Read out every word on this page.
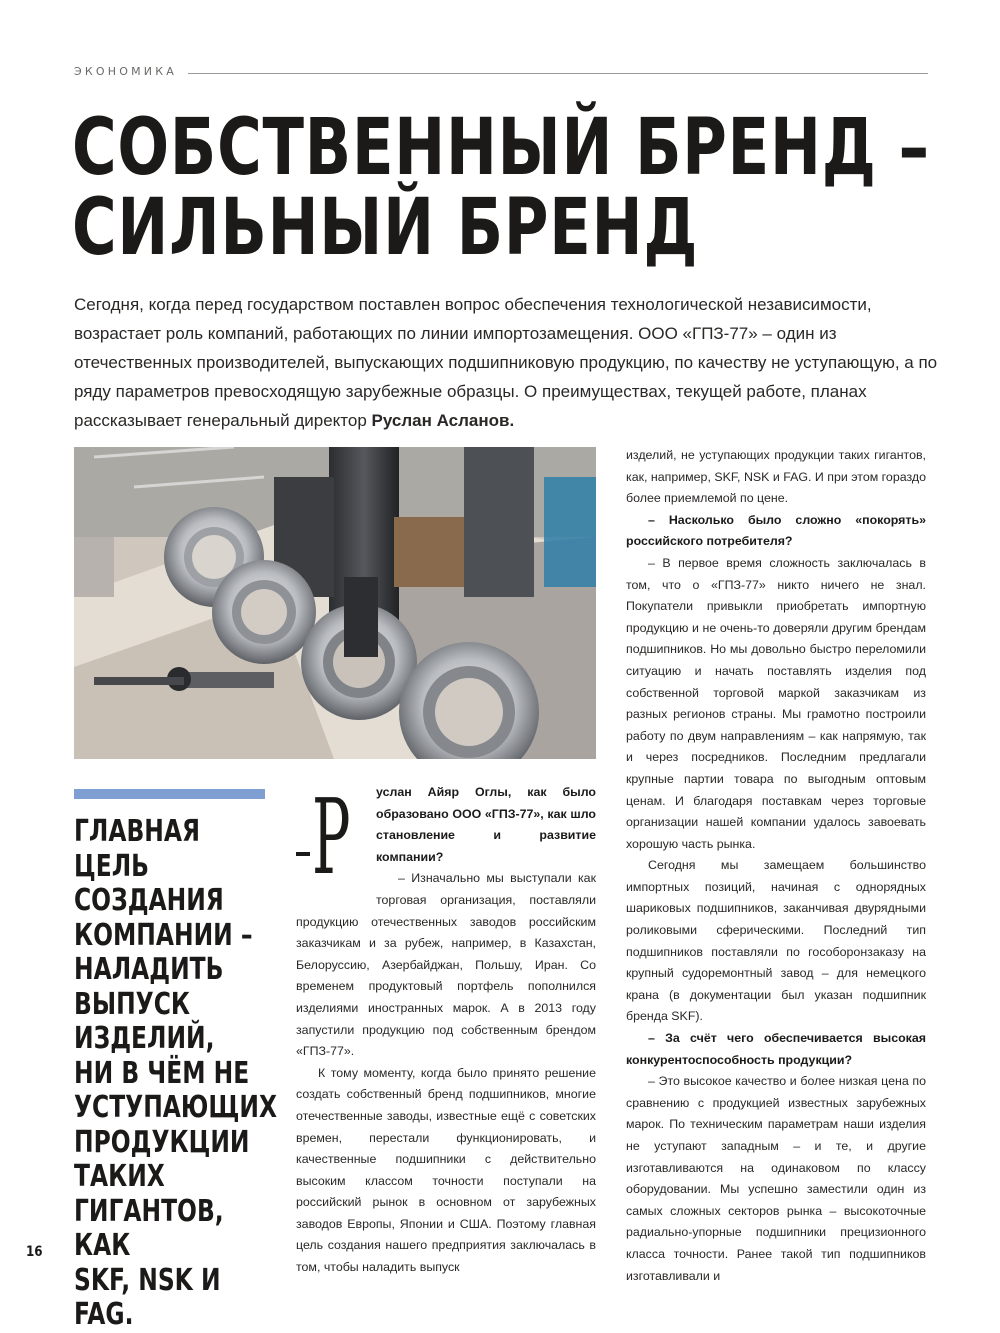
ЭКОНОМИКА
СОБСТВЕННЫЙ БРЕНД –
СИЛЬНЫЙ БРЕНД
Сегодня, когда перед государством поставлен вопрос обеспечения технологической независимости, возрастает роль компаний, работающих по линии импортозамещения. ООО «ГПЗ-77» – один из отечественных производителей, выпускающих подшипниковую продукцию, по качеству не уступающую, а по ряду параметров превосходящую зарубежные образцы. О преимуществах, текущей работе, планах рассказывает генеральный директор Руслан Асланов.
ГЛАВНАЯ ЦЕЛЬ
СОЗДАНИЯ
КОМПАНИИ –
НАЛАДИТЬ
ВЫПУСК
ИЗДЕЛИЙ,
НИ В ЧЁМ НЕ
УСТУПАЮЩИХ
ПРОДУКЦИИ
ТАКИХ
ГИГАНТОВ, КАК
SKF, NSK И FAG.
16
Р	услан Айяр Оглы, как было образовано ООО «ГПЗ-77», как шло становление и развитие компании?

– Изначально мы выступали как торговая организация, поставляли продукцию отечественных заводов российским заказчикам и за рубеж, например, в Казахстан, Белоруссию, Азербайджан, Польшу, Иран. Со временем продуктовый портфель пополнился изделиями иностранных марок. А в 2013 году запустили продукцию под собственным брендом «ГПЗ-77».

К тому моменту, когда было принято решение создать собственный бренд подшипников, многие отечественные заводы, известные ещё с советских времен, перестали функционировать, и качественные подшипники с действительно высоким классом точности поступали на российский рынок в основном от зарубежных заводов Европы, Японии и США. Поэтому главная цель создания нашего предприятия заключалась в том, чтобы наладить выпуск

изделий, не уступающих продукции таких гигантов, как, например, SKF, NSK и FAG. И при этом гораздо более приемлемой по цене.

– Насколько было сложно «покорять» российского потребителя?

– В первое время сложность заключалась в том, что о «ГПЗ-77» никто ничего не знал. Покупатели привыкли приобретать импортную продукцию и не очень-то доверяли другим брендам подшипников. Но мы довольно быстро переломили ситуацию и начать поставлять изделия под собственной торговой маркой заказчикам из разных регионов страны. Мы грамотно построили работу по двум направлениям – как напрямую, так и через посредников. Последним предлагали крупные партии товара по выгодным оптовым ценам. И благодаря поставкам через торговые организации нашей компании удалось завоевать хорошую часть рынка.

Сегодня мы замещаем большинство импортных позиций, начиная с однорядных шариковых подшипников, заканчивая двурядными роликовыми сферическими. Последний тип подшипников поставляли по гособоронзаказу на крупный судоремонтный завод – для немецкого крана (в документации был указан подшипник бренда SKF).

– За счёт чего обеспечивается высокая конкурентоспособность продукции?

– Это высокое качество и более низкая цена по сравнению с продукцией известных зарубежных марок. По техническим параметрам наши изделия не уступают западным – и те, и другие изготавливаются на одинаковом по классу оборудовании. Мы успешно заместили один из самых сложных секторов рынка – высокоточные радиально-упорные подшипники прецизионного класса точности. Ранее такой тип подшипников изготавливали и
